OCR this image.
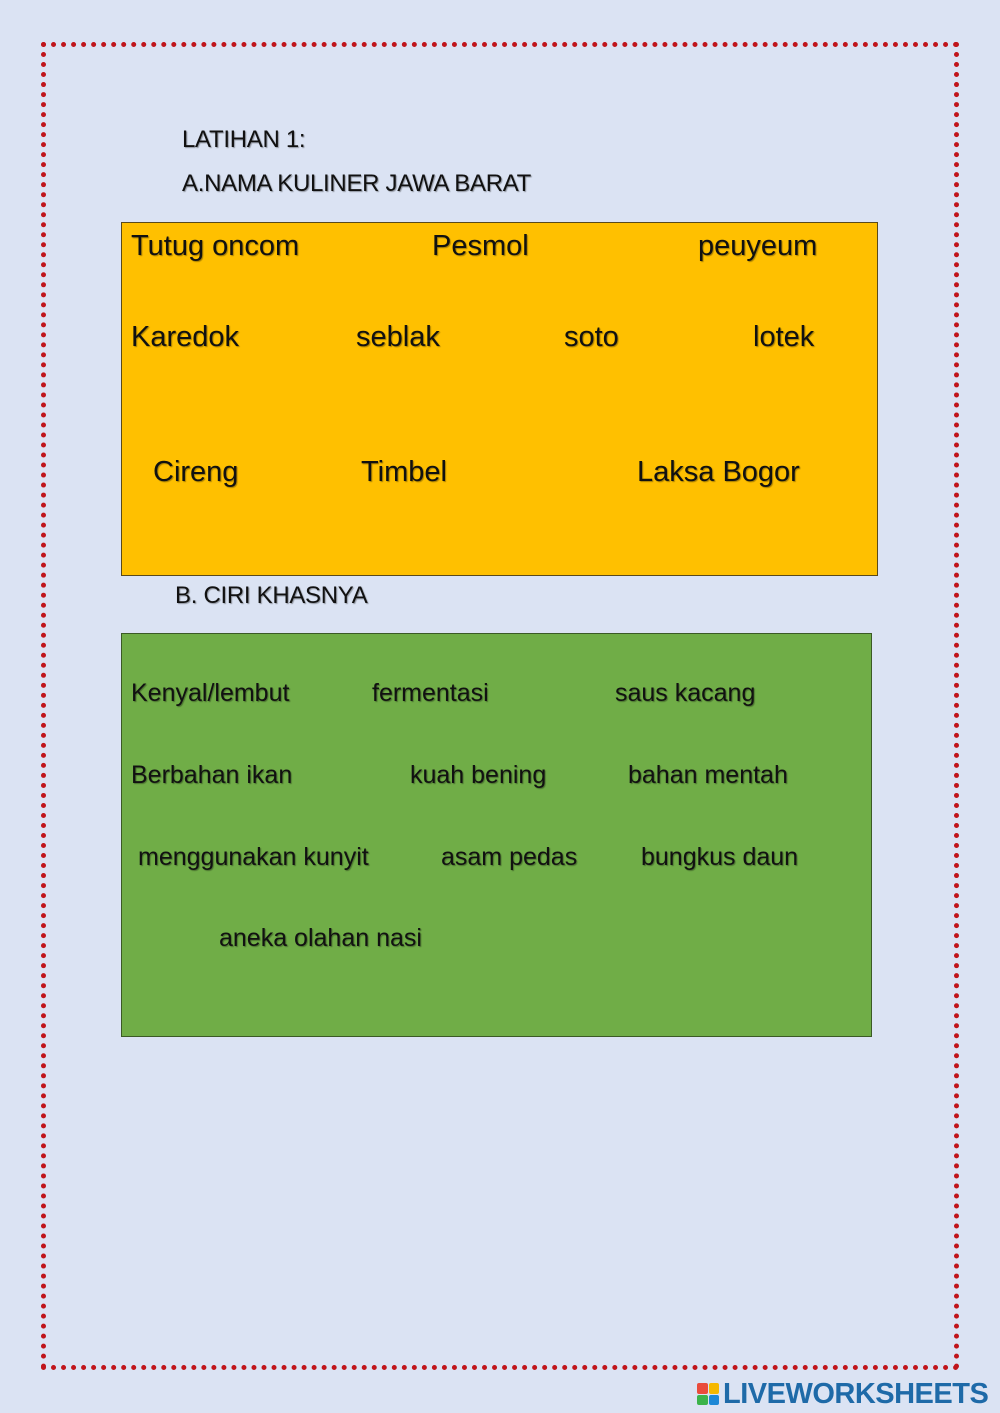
LATIHAN 1:
A.NAMA KULINER JAWA BARAT
Tutug oncom	Pesmol	peuyeum
Karedok	seblak	soto	lotek
Cireng	Timbel	Laksa Bogor
B. CIRI KHASNYA
Kenyal/lembut	fermentasi	saus kacang
Berbahan ikan	kuah bening	bahan mentah
menggunakan kunyit	asam pedas	bungkus daun
aneka olahan nasi
LIVEWORKSHEETS
